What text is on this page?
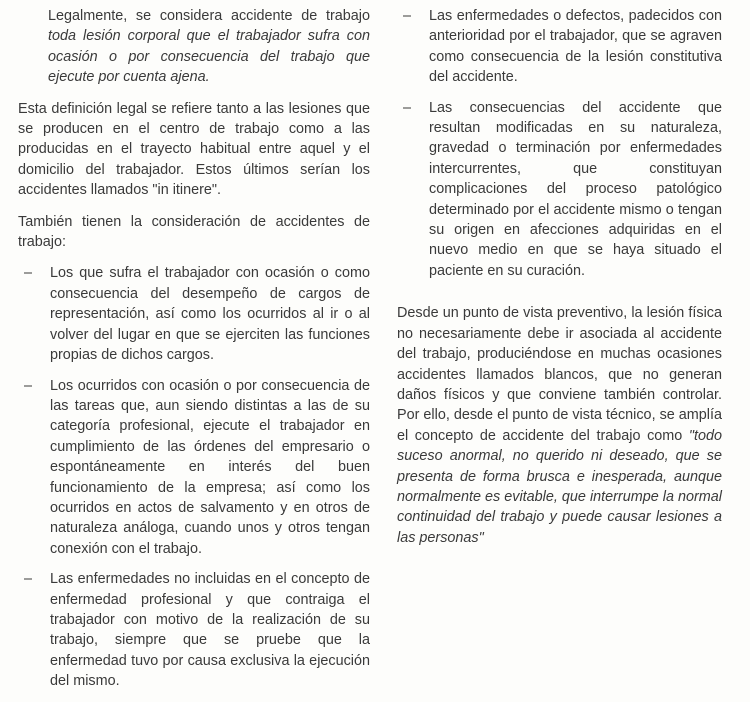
Legalmente, se considera accidente de trabajo toda lesión corporal que el trabajador sufra con ocasión o por consecuencia del trabajo que ejecute por cuenta ajena.

Esta definición legal se refiere tanto a las lesiones que se producen en el centro de trabajo como a las producidas en el trayecto habitual entre aquel y el domicilio del trabajador. Estos últimos serían los accidentes llamados "in itinere".

También tienen la consideración de accidentes de trabajo:

– Los que sufra el trabajador con ocasión o como consecuencia del desempeño de cargos de representación, así como los ocurridos al ir o al volver del lugar en que se ejerciten las funciones propias de dichos cargos.
– Los ocurridos con ocasión o por consecuencia de las tareas que, aun siendo distintas a las de su categoría profesional, ejecute el trabajador en cumplimiento de las órdenes del empresario o espontáneamente en interés del buen funcionamiento de la empresa; así como los ocurridos en actos de salvamento y en otros de naturaleza análoga, cuando unos y otros tengan conexión con el trabajo.
– Las enfermedades no incluidas en el concepto de enfermedad profesional y que contraiga el trabajador con motivo de la realización de su trabajo, siempre que se pruebe que la enfermedad tuvo por causa exclusiva la ejecución del mismo.
– Las enfermedades o defectos, padecidos con anterioridad por el trabajador, que se agraven como consecuencia de la lesión constitutiva del accidente.
– Las consecuencias del accidente que resultan modificadas en su naturaleza, gravedad o terminación por enfermedades intercurrentes, que constituyan complicaciones del proceso patológico determinado por el accidente mismo o tengan su origen en afecciones adquiridas en el nuevo medio en que se haya situado el paciente en su curación.

Desde un punto de vista preventivo, la lesión física no necesariamente debe ir asociada al accidente del trabajo, produciéndose en muchas ocasiones accidentes llamados blancos, que no generan daños físicos y que conviene también controlar. Por ello, desde el punto de vista técnico, se amplía el concepto de accidente del trabajo como "todo suceso anormal, no querido ni deseado, que se presenta de forma brusca e inesperada, aunque normalmente es evitable, que interrumpe la normal continuidad del trabajo y puede causar lesiones a las personas"
